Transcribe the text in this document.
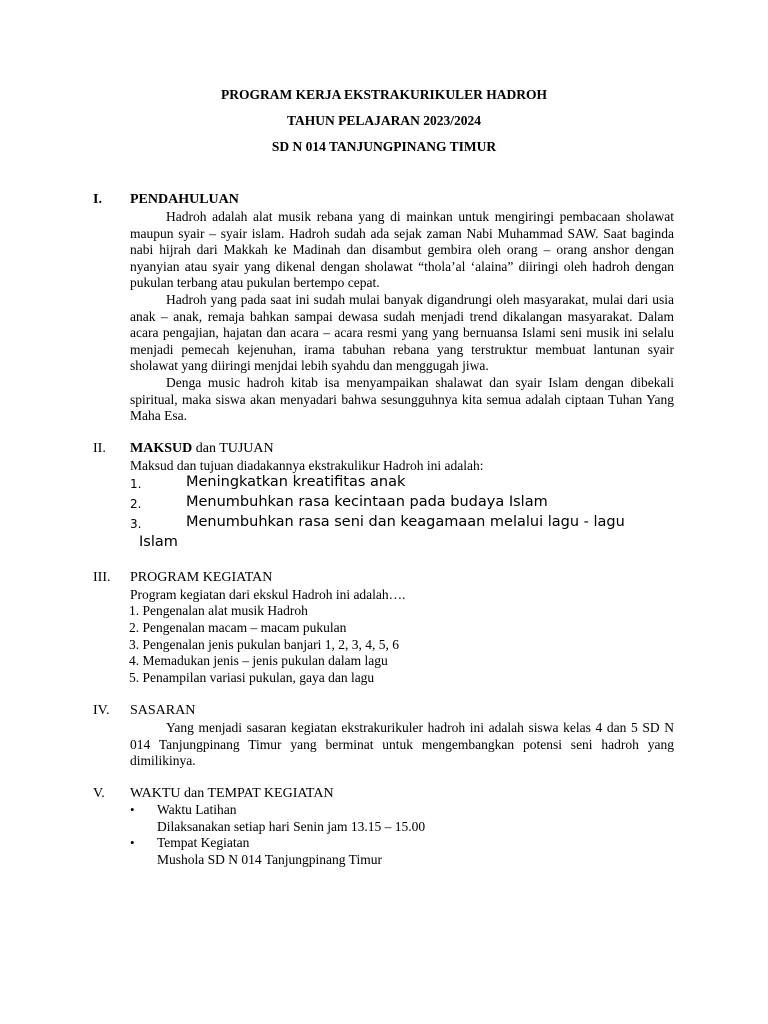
PROGRAM KERJA EKSTRAKURIKULER HADROH
TAHUN PELAJARAN 2023/2024
SD N 014 TANJUNGPINANG TIMUR
I. PENDAHULUAN

Hadroh adalah alat musik rebana yang di mainkan untuk mengiringi pembacaan sholawat maupun syair – syair islam. Hadroh sudah ada sejak zaman Nabi Muhammad SAW. Saat baginda nabi hijrah dari Makkah ke Madinah dan disambut gembira oleh orang – orang anshor dengan nyanyian atau syair yang dikenal dengan sholawat “thola’al ‘alaina” diiringi oleh hadroh dengan pukulan terbang atau pukulan bertempo cepat.

Hadroh yang pada saat ini sudah mulai banyak digandrungi oleh masyarakat, mulai dari usia anak – anak, remaja bahkan sampai dewasa sudah menjadi trend dikalangan masyarakat. Dalam acara pengajian, hajatan dan acara – acara resmi yang yang bernuansa Islami seni musik ini selalu menjadi pemecah kejenuhan, irama tabuhan rebana yang terstruktur membuat lantunan syair sholawat yang diiringi menjdai lebih syahdu dan menggugah jiwa.

Denga music hadroh kitab isa menyampaikan shalawat dan syair Islam dengan dibekali spiritual, maka siswa akan menyadari bahwa sesungguhnya kita semua adalah ciptaan Tuhan Yang Maha Esa.

II. MAKSUD dan TUJUAN
Maksud dan tujuan diadakannya ekstrakulikur Hadroh ini adalah:
1.	Meningkatkan kreatifitas anak
2.	Menumbuhkan rasa kecintaan pada budaya Islam
3.	Menumbuhkan rasa seni dan keagamaan melalui lagu - lagu
Islam
III. PROGRAM KEGIATAN
Program kegiatan dari ekskul Hadroh ini adalah….
1. Pengenalan alat musik Hadroh
2. Pengenalan macam – macam pukulan
3. Pengenalan jenis pukulan banjari 1, 2, 3, 4, 5, 6
4. Memadukan jenis – jenis pukulan dalam lagu
5. Penampilan variasi pukulan, gaya dan lagu
IV. SASARAN

Yang menjadi sasaran kegiatan ekstrakurikuler hadroh ini adalah siswa kelas 4 dan 5 SD N 014 Tanjungpinang Timur yang berminat untuk mengembangkan potensi seni hadroh yang dimilikinya.

V. WAKTU dan TEMPAT KEGIATAN
• Waktu Latihan
Dilaksanakan setiap hari Senin jam 13.15 – 15.00
• Tempat Kegiatan
Mushola SD N 014 Tanjungpinang Timur
